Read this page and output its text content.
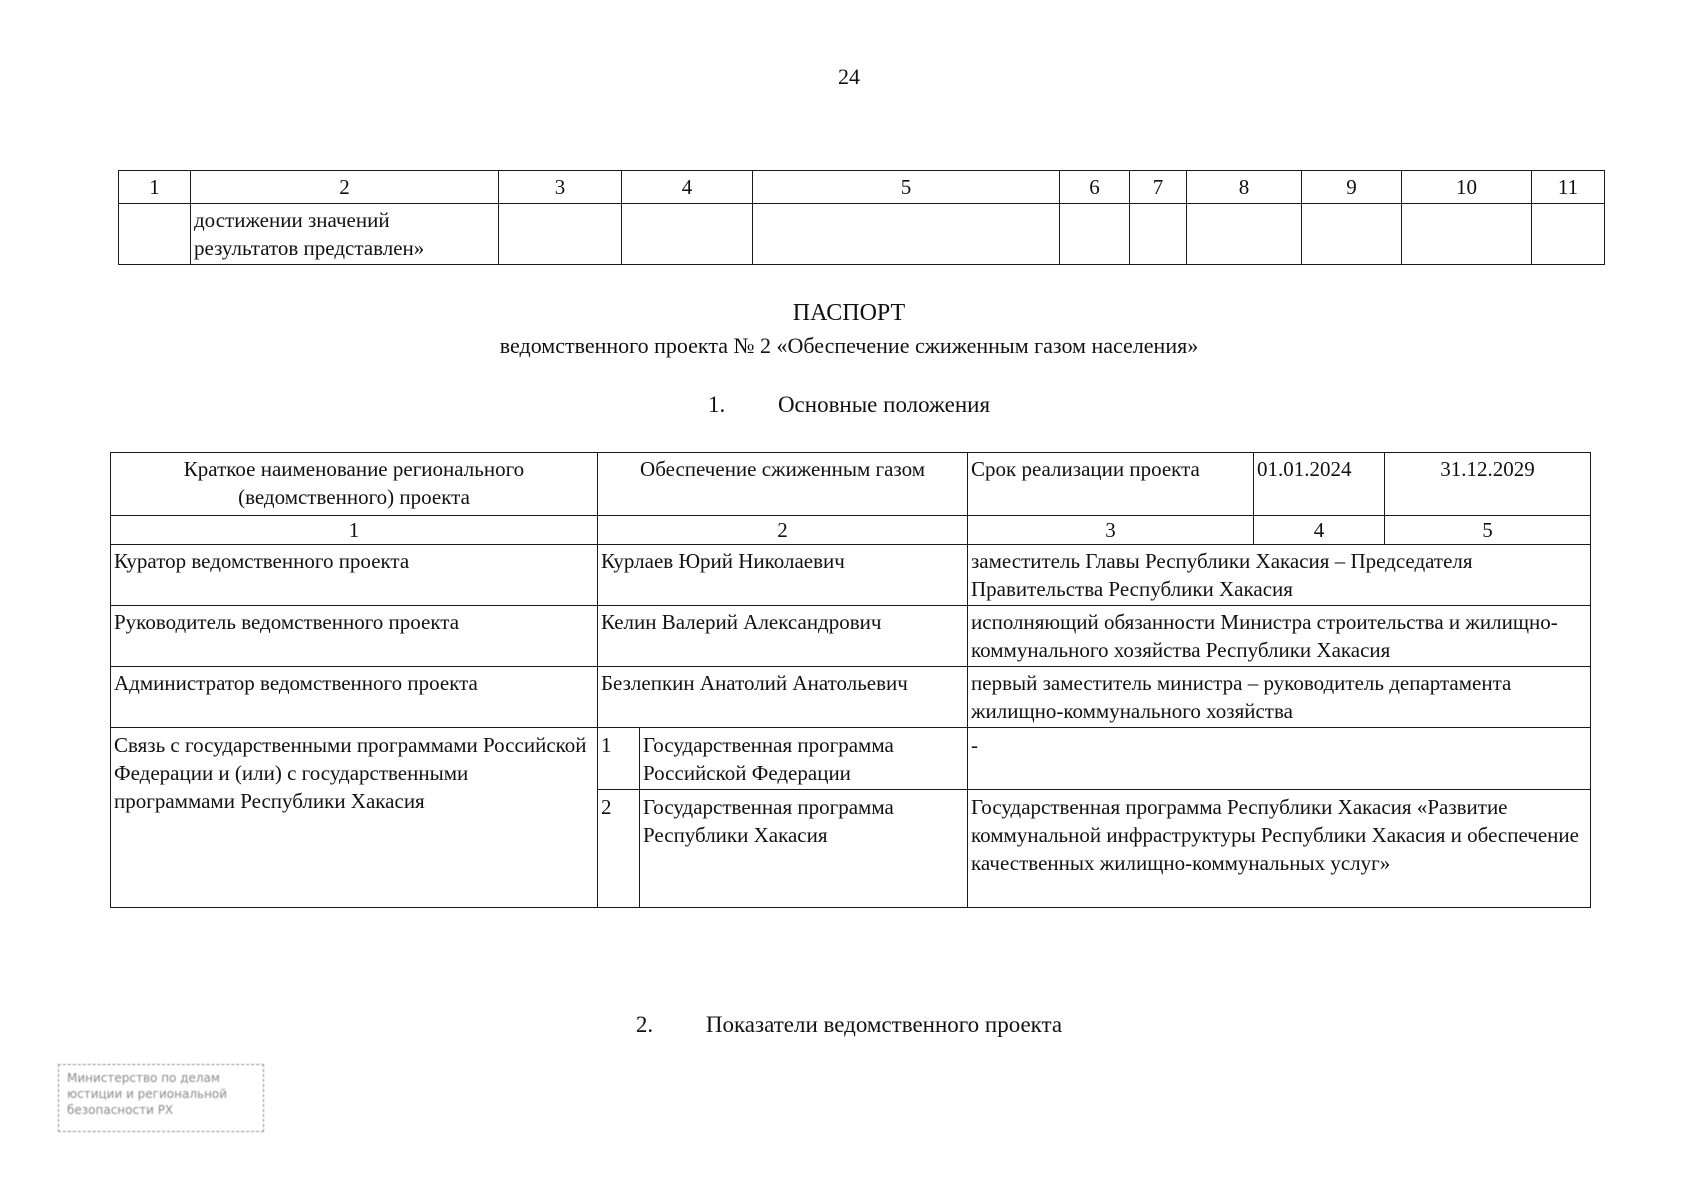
24
1	2	3	4	5	6	7	8	9	10	11
	достижении значений результатов представлен»									
ПАСПОРТ
ведомственного проекта № 2 «Обеспечение сжиженным газом населения»
1. Основные положения
Краткое наименование регионального (ведомственного) проекта	Обеспечение сжиженным газом		Срок реализации проекта	01.01.2024	31.12.2029
1	2		3	4	5
Куратор ведомственного проекта	Курлаев Юрий Николаевич		заместитель Главы Республики Хакасия – Председателя Правительства Республики Хакасия		
Руководитель ведомственного проекта	Келин Валерий Александрович		исполняющий обязанности Министра строительства и жилищно-коммунального хозяйства Республики Хакасия		
Администратор ведомственного проекта	Безлепкин Анатолий Анатольевич		первый заместитель министра – руководитель департамента жилищно-коммунального хозяйства		
Связь с государственными программами Российской Федерации и (или) с государственными программами Республики Хакасия	1	Государственная программа Российской Федерации	-		
	2	Государственная программа Республики Хакасия	Государственная программа Республики Хакасия «Развитие коммунальной инфраструктуры Республики Хакасия и обеспечение качественных жилищно-коммунальных услуг»		
2. Показатели ведомственного проекта
Министерство по делам
юстиции и региональной
безопасности РХ
